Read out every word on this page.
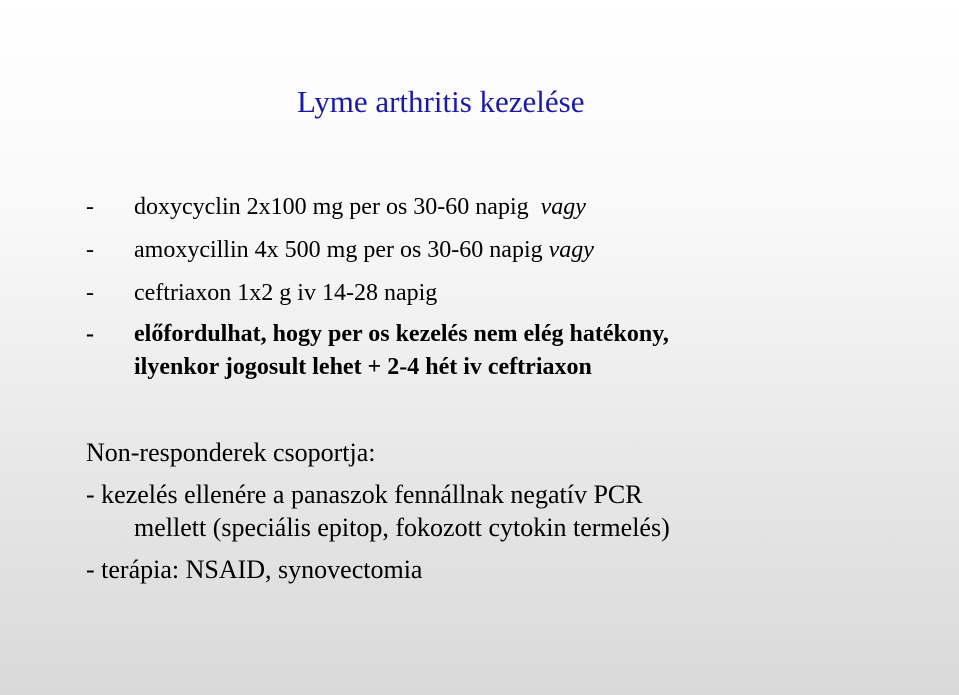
Lyme arthritis kezelése
- doxycyclin 2x100 mg per os 30-60 napig vagy
- amoxycillin 4x 500 mg per os 30-60 napig vagy
- ceftriaxon 1x2 g iv 14-28 napig
- előfordulhat, hogy per os kezelés nem elég hatékony,
ilyenkor jogosult lehet + 2-4 hét iv ceftriaxon
Non-responderek csoportja:
- kezelés ellenére a panaszok fennállnak negatív PCR
mellett (speciális epitop, fokozott cytokin termelés)
- terápia: NSAID, synovectomia
